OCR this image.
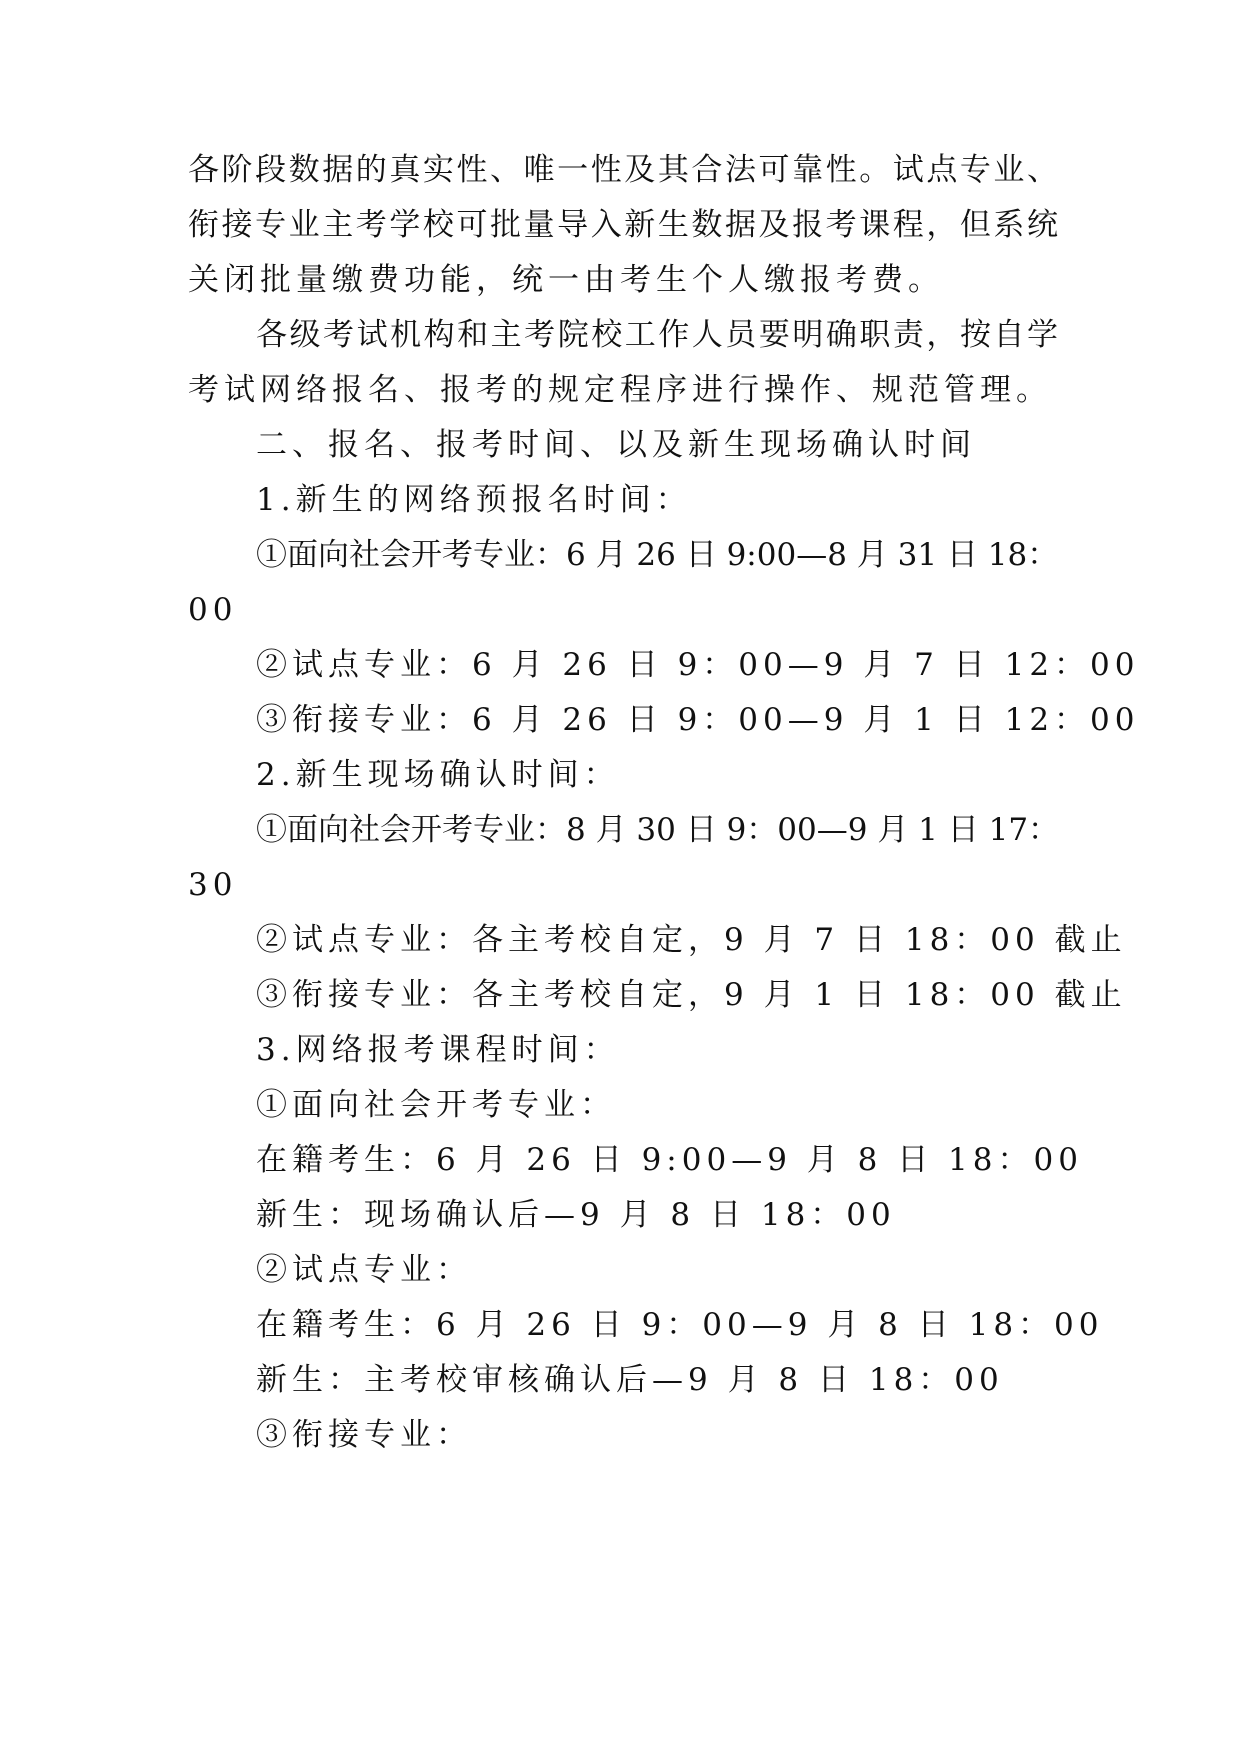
各阶段数据的真实性、唯一性及其合法可靠性。试点专业、
衔接专业主考学校可批量导入新生数据及报考课程，但系统
关闭批量缴费功能，统一由考生个人缴报考费。
各级考试机构和主考院校工作人员要明确职责，按自学
考试网络报名、报考的规定程序进行操作、规范管理。
二、报名、报考时间、以及新生现场确认时间
1.新生的网络预报名时间：
①面向社会开考专业：6 月 26 日 9:00—8 月 31 日 18：
00
②试点专业：6 月 26 日 9：00—9 月 7 日 12：00
③衔接专业：6 月 26 日 9：00—9 月 1 日 12：00
2.新生现场确认时间：
①面向社会开考专业：8 月 30 日 9：00—9 月 1 日 17：
30
②试点专业：各主考校自定，9 月 7 日 18：00 截止
③衔接专业：各主考校自定，9 月 1 日 18：00 截止
3.网络报考课程时间：
①面向社会开考专业：
在籍考生：6 月 26 日 9:00—9 月 8 日 18：00
新生：现场确认后—9 月 8 日 18：00
②试点专业：
在籍考生：6 月 26 日 9：00—9 月 8 日 18：00
新生：主考校审核确认后—9 月 8 日 18：00
③衔接专业：
